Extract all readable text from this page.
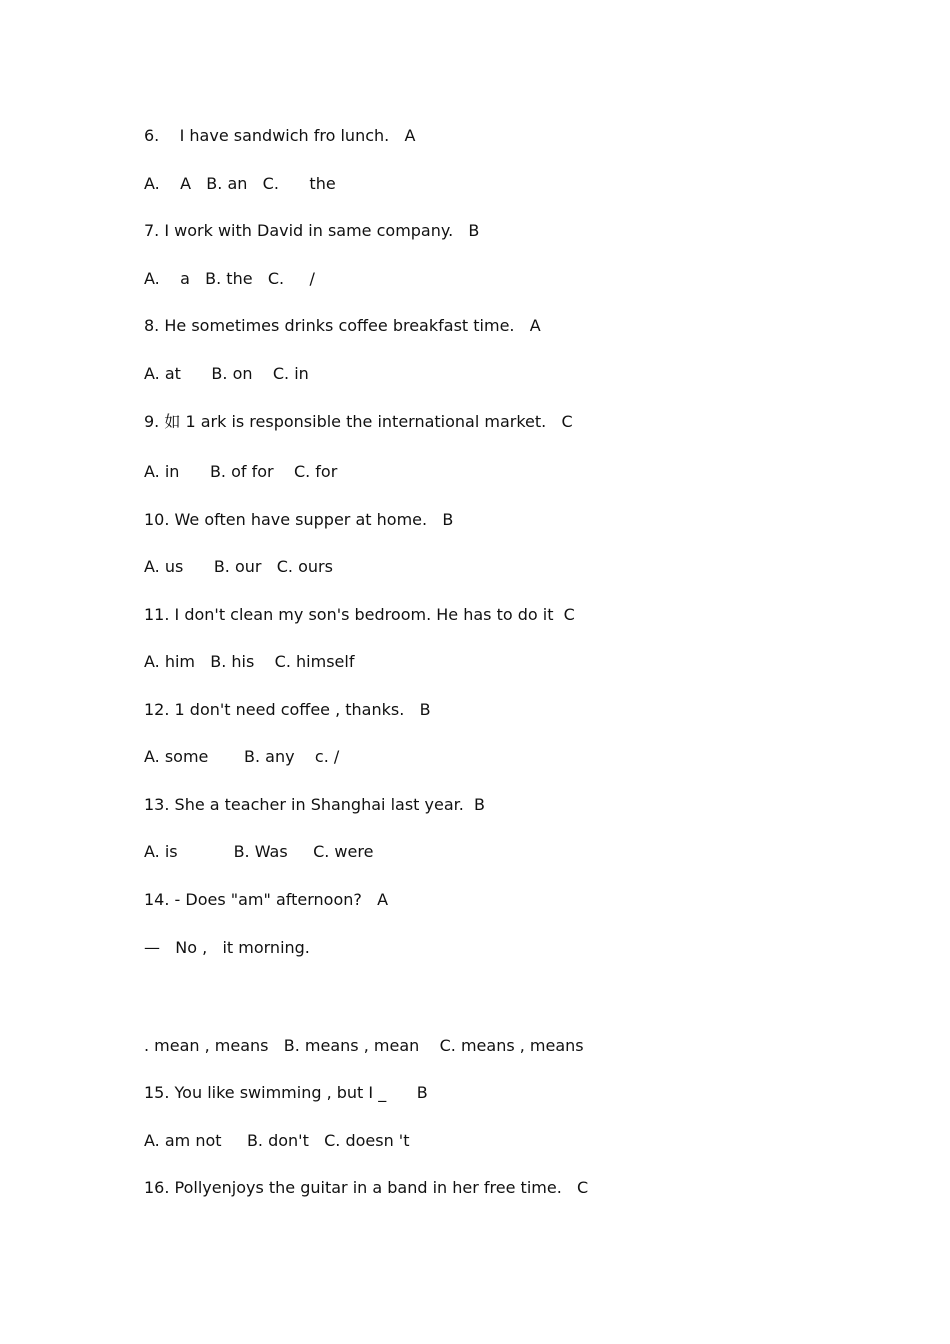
6.    I have sandwich fro lunch.   A

A.    A   B. an   C.      the

7. I work with David in same company.   B

A.    a   B. the   C.     /

8. He sometimes drinks coffee breakfast time.   A

A. at      B. on    C. in

9. 如 1 ark is responsible the international market.   C

A. in      B. of for    C. for

10. We often have supper at home.   B

A. us      B. our   C. ours

11. I don't clean my son's bedroom. He has to do it  C

A. him   B. his    C. himself

12. 1 don't need coffee , thanks.   B

A. some       B. any    c. /

13. She a teacher in Shanghai last year.  B

A. is           B. Was     C. were

14. - Does "am" afternoon?   A

—   No ,   it morning.

. mean , means   B. means , mean    C. means , means

15. You like swimming , but I _      B

A. am not     B. don't   C. doesn 't

16. Pollyenjoys the guitar in a band in her free time.   C
